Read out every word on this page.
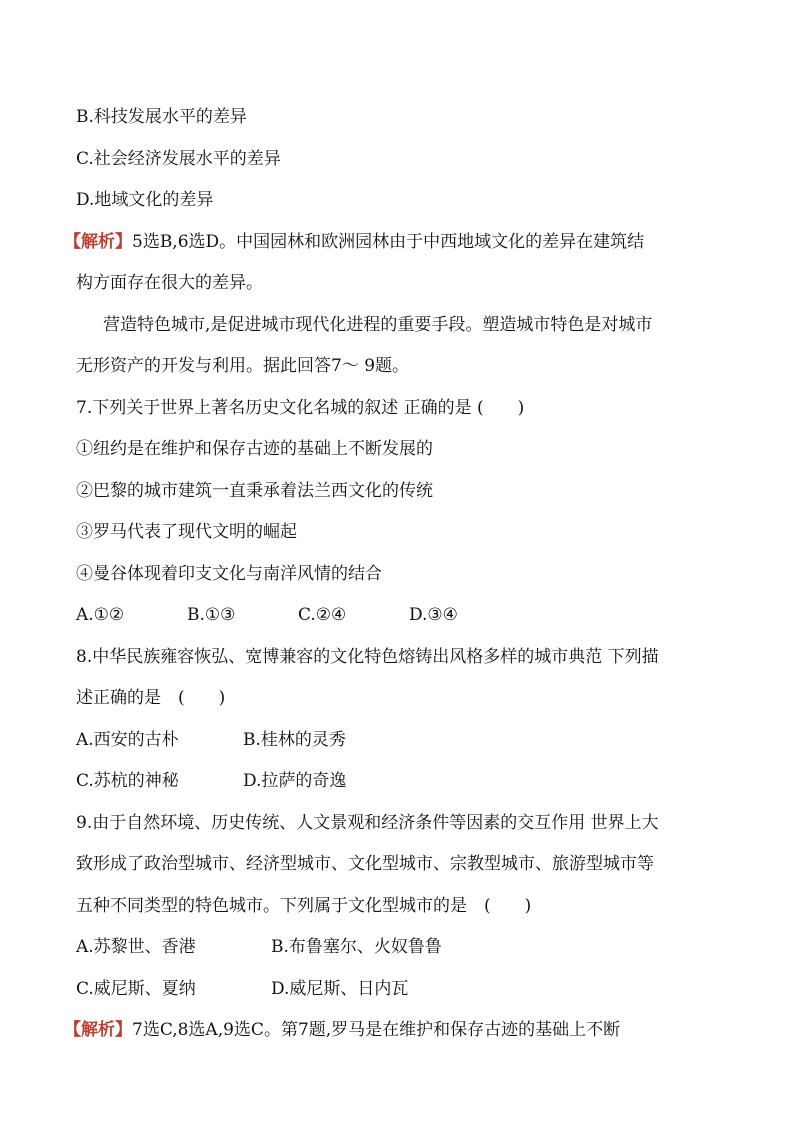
B.科技发展水平的差异
C.社会经济发展水平的差异
D.地域文化的差异
【解析】5选B,6选D。中国园林和欧洲园林由于中西地域文化的差异在建筑结
构方面存在很大的差异。
营造特色城市,是促进城市现代化进程的重要手段。塑造城市特色是对城市
无形资产的开发与利用。据此回答7～ 9题。
7.下列关于世界上著名历史文化名城的叙述 正确的是 (　　)
①纽约是在维护和保存古迹的基础上不断发展的
②巴黎的城市建筑一直秉承着法兰西文化的传统
③罗马代表了现代文明的崛起
④曼谷体现着印支文化与南洋风情的结合
A.①②	B.①③	C.②④	D.③④
8.中华民族雍容恢弘、宽博兼容的文化特色熔铸出风格多样的城市典范 下列描
述正确的是　(　　)
A.西安的古朴	B.桂林的灵秀
C.苏杭的神秘	D.拉萨的奇逸
9.由于自然环境、历史传统、人文景观和经济条件等因素的交互作用 世界上大
致形成了政治型城市、经济型城市、文化型城市、宗教型城市、旅游型城市等
五种不同类型的特色城市。下列属于文化型城市的是　(　　)
A.苏黎世、香港	B.布鲁塞尔、火奴鲁鲁
C.威尼斯、夏纳	D.威尼斯、日内瓦
【解析】7选C,8选A,9选C。第7题,罗马是在维护和保存古迹的基础上不断
